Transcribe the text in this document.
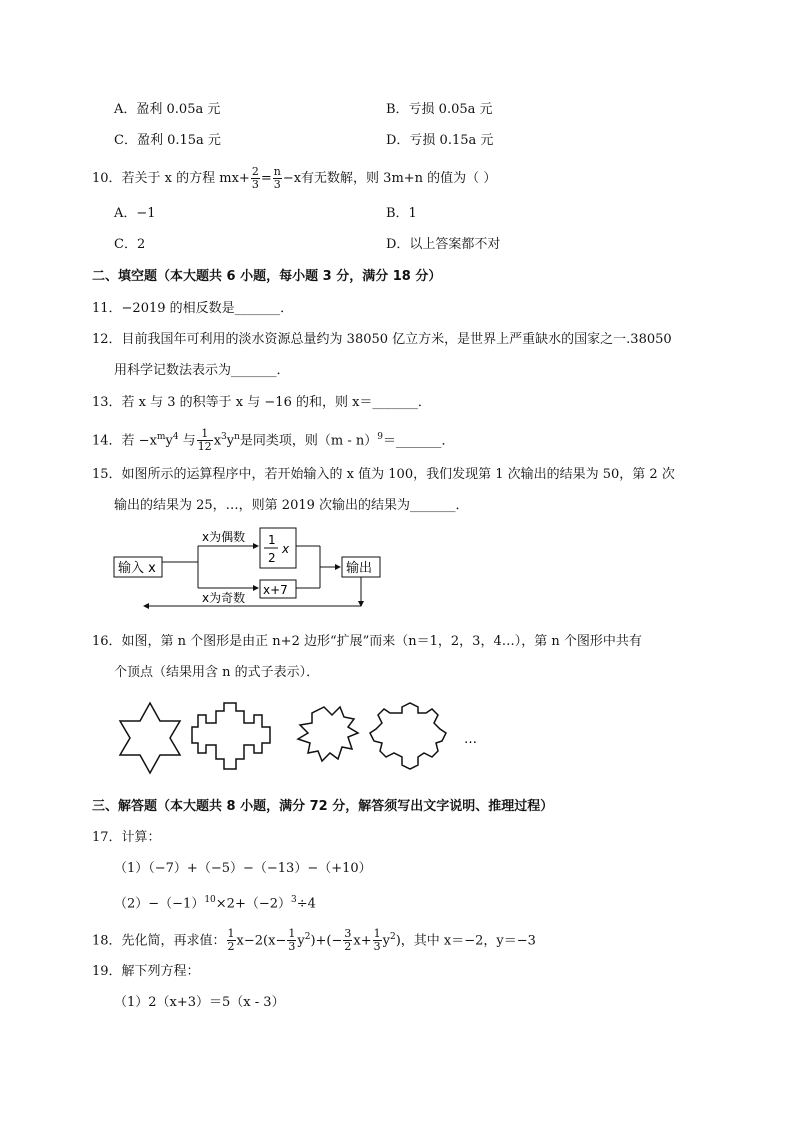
A．盈利 0.05a 元	B．亏损 0.05a 元
C．盈利 0.15a 元	D．亏损 0.15a 元
10．若关于 x 的方程 $mx+ \frac{2}{3} = \frac{n}{3} -x$有无数解，则 3m+n 的值为（ ）
A．−1	B．1
C．2	D．以上答案都不对
二、填空题（本大题共 6 小题，每小题 3 分，满分 18 分）
11．−2019 的相反数是_______．
12．目前我国年可利用的淡水资源总量约为 38050 亿立方米，是世界上严重缺水的国家之一.38050
用科学记数法表示为_______．
13．若 x 与 3 的积等于 x 与 −16 的和，则 x＝_______．
14．若 $-x^my^4$ 与 $\frac{1}{12} x^3y^n$是同类项，则（m - n）$^9$＝_______．
15．如图所示的运算程序中，若开始输入的 x 值为 100，我们发现第 1 次输出的结果为 50，第 2 次
输出的结果为 25，…，则第 2019 次输出的结果为_______．
输入 x
1
2
x
x+7
输出
x为偶数
x为奇数
16．如图，第 n 个图形是由正 n+2 边形“扩展”而来（n＝1，2，3，4…），第 n 个图形中共有
个顶点（结果用含 n 的式子表示）．
…
三、解答题（本大题共 8 小题，满分 72 分，解答须写出文字说明、推理过程）
17．计算：
（1）（−7）+（−5）−（−13）−（+10）
$(2)-(-1)^{10}\times 2+(-2)^3\div 4$
18．先化简，再求值： $\frac{1}{2} x-2(x- \frac{1}{3} y^2)+(- \frac{3}{2} x+ \frac{1}{3} y^2)$，其中 x＝−2，y＝−3
19．解下列方程：
（1）2（x+3）＝5（x - 3）
